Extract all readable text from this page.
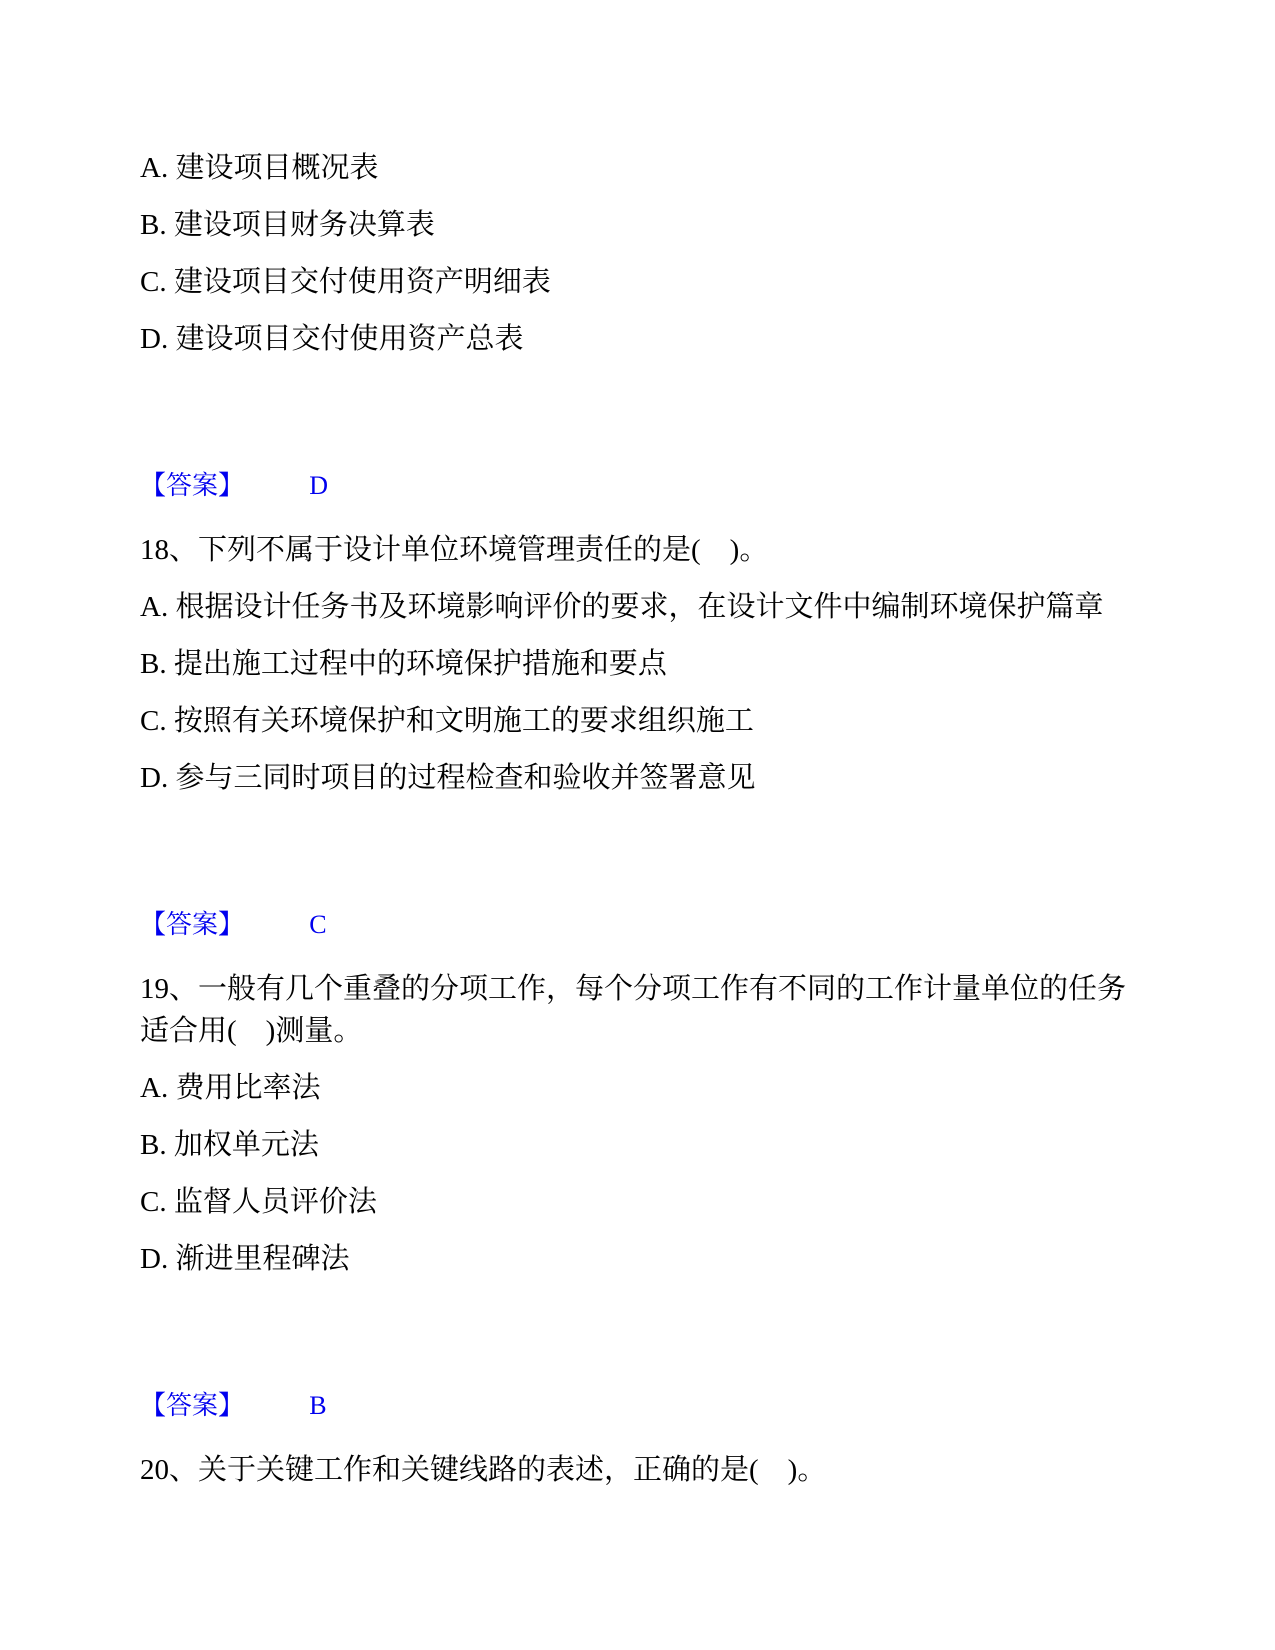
A. 建设项目概况表

B. 建设项目财务决算表

C. 建设项目交付使用资产明细表

D. 建设项目交付使用资产总表

【答案】	D

18、下列不属于设计单位环境管理责任的是(　)。

A. 根据设计任务书及环境影响评价的要求，在设计文件中编制环境保护篇章

B. 提出施工过程中的环境保护措施和要点

C. 按照有关环境保护和文明施工的要求组织施工

D. 参与三同时项目的过程检查和验收并签署意见

【答案】	C

19、一般有几个重叠的分项工作，每个分项工作有不同的工作计量单位的任务适合用(　)测量。

A. 费用比率法

B. 加权单元法

C. 监督人员评价法

D. 渐进里程碑法

【答案】	B

20、关于关键工作和关键线路的表述，正确的是(　)。
